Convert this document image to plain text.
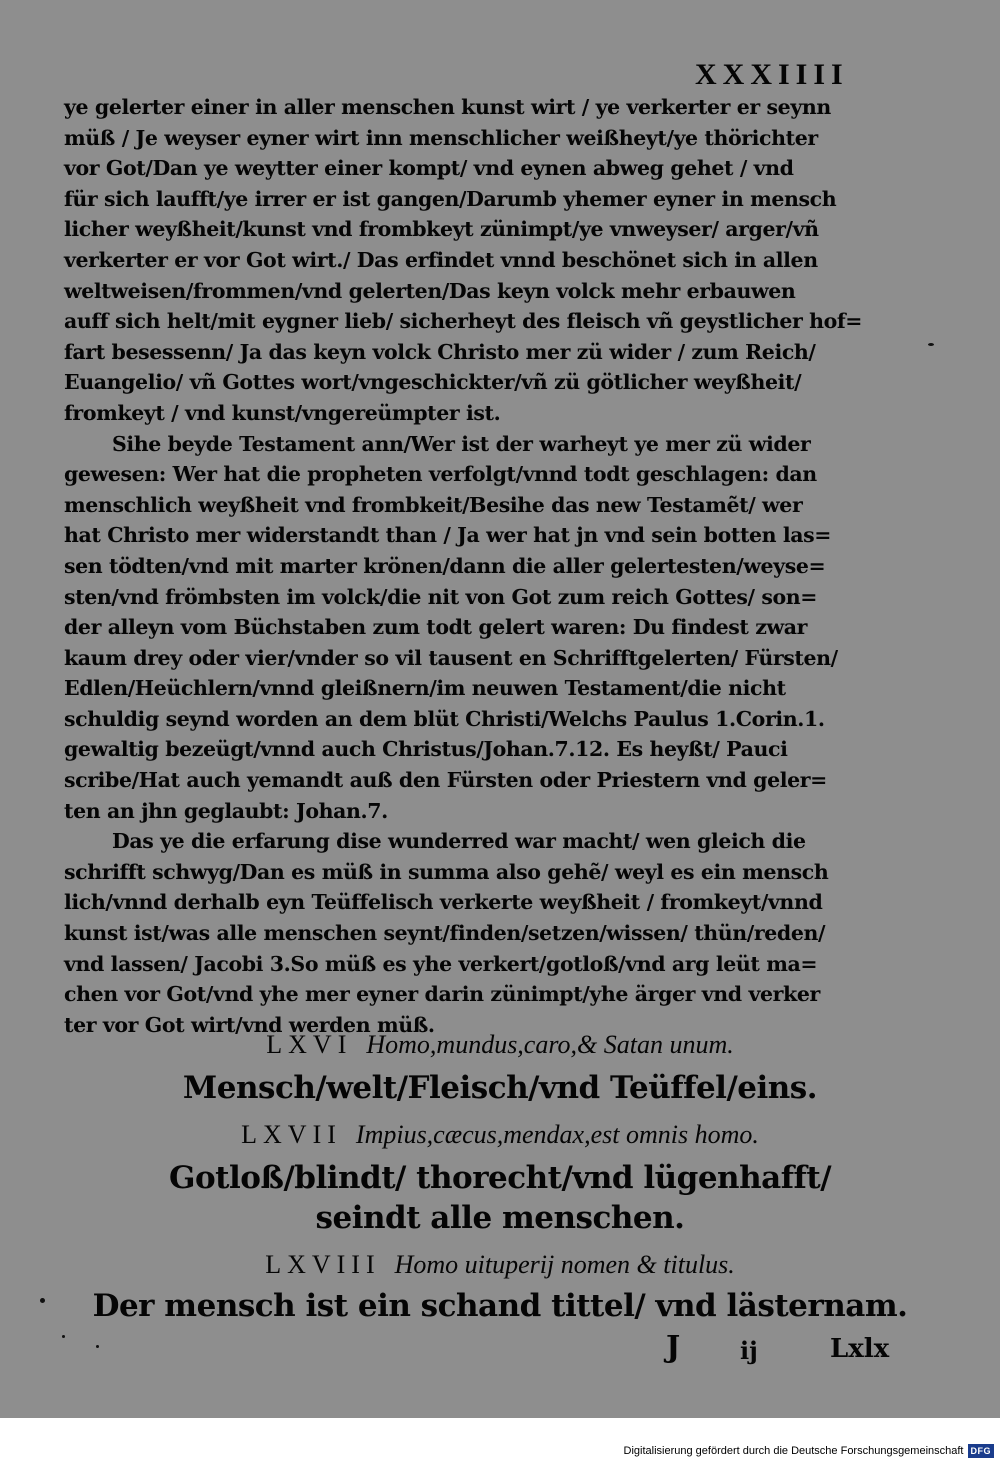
XXXIIII
ye gelerter einer in aller menschen kunst wirt / ye verkerter er seynn
müß / Je weyser eyner wirt inn menschlicher weißheyt/ye thörichter
vor Got/Dan ye weytter einer kompt/ vnd eynen abweg gehet / vnd
für sich laufft/ye irrer er ist gangen/Darumb yhemer eyner in mensch
licher weyßheit/kunst vnd frombkeyt zünimpt/ye vnweyser/ arger/vñ
verkerter er vor Got wirt./ Das erfindet vnnd beschönet sich in allen
weltweisen/frommen/vnd gelerten/Das keyn volck mehr erbauwen
auff sich helt/mit eygner lieb/ sicherheyt des fleisch vñ geystlicher hof=
fart besessenn/ Ja das keyn volck Christo mer zü wider / zum Reich/
Euangelio/ vñ Gottes wort/vngeschickter/vñ zü götlicher weyßheit/
fromkeyt / vnd kunst/vngereümpter ist.
Sihe beyde Testament ann/Wer ist der warheyt ye mer zü wider
gewesen: Wer hat die propheten verfolgt/vnnd todt geschlagen: dan
menschlich weyßheit vnd frombkeit/Besihe das new Testamẽt/ wer
hat Christo mer widerstandt than / Ja wer hat jn vnd sein botten las=
sen tödten/vnd mit marter krönen/dann die aller gelertesten/weyse=
sten/vnd frömbsten im volck/die nit von Got zum reich Gottes/ son=
der alleyn vom Büchstaben zum todt gelert waren: Du findest zwar
kaum drey oder vier/vnder so vil tausent en Schrifftgelerten/ Fürsten/
Edlen/Heüchlern/vnnd gleißnern/im neuwen Testament/die nicht
schuldig seynd worden an dem blüt Christi/Welchs Paulus 1.Corin.1.
gewaltig bezeügt/vnnd auch Christus/Johan.7.12. Es heyßt/ Pauci
scribe/Hat auch yemandt auß den Fürsten oder Priestern vnd geler=
ten an jhn geglaubt: Johan.7.
Das ye die erfarung dise wunderred war macht/ wen gleich die
schrifft schwyg/Dan es müß in summa also gehẽ/ weyl es ein mensch
lich/vnnd derhalb eyn Teüffelisch verkerte weyßheit / fromkeyt/vnnd
kunst ist/was alle menschen seynt/finden/setzen/wissen/ thün/reden/
vnd lassen/ Jacobi 3.So müß es yhe verkert/gotloß/vnd arg leüt ma=
chen vor Got/vnd yhe mer eyner darin zünimpt/yhe ärger vnd verker
ter vor Got wirt/vnd werden müß.
LXVI Homo,mundus,caro,& Satan unum.
Mensch/welt/Fleisch/vnd Teüffel/eins.
LXVII Impius,cæcus,mendax,est omnis homo.
Gotloß/blindt/ thorecht/vnd lügenhafft/
seindt alle menschen.
LXVIII Homo uituperij nomen & titulus.
Der mensch ist ein schand tittel/ vnd lästernam.
J ij	Lxlx
Digitalisierung gefördert durch die Deutsche Forschungsgemeinschaft DFG
